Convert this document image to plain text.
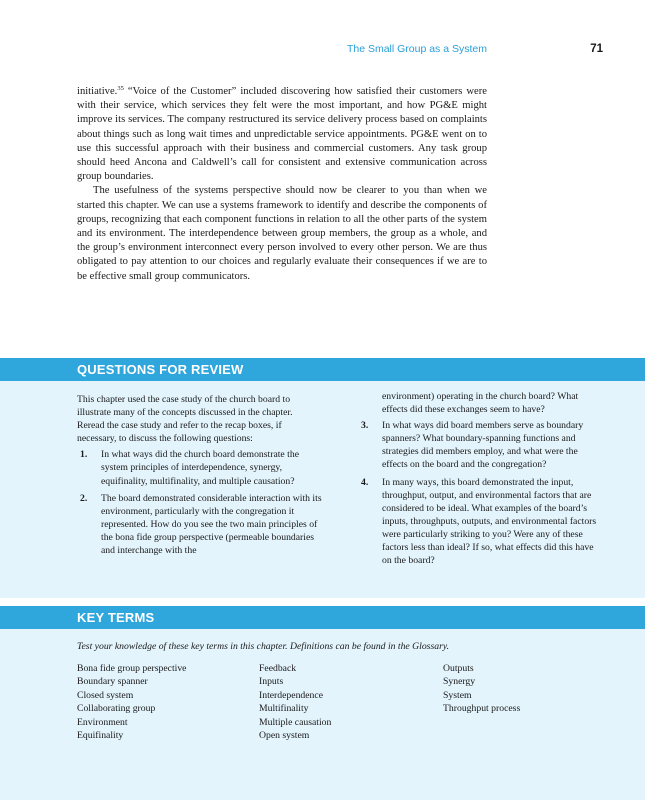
The Small Group as a System	71

initiative.$^{35}$ “Voice of the Customer” included discovering how satisfied their customers were with their service, which services they felt were the most important, and how PG&E might improve its services. The company restructured its service delivery process based on complaints about things such as long wait times and unpredictable service appointments. PG&E went on to use this successful approach with their business and commercial customers. Any task group should heed Ancona and Caldwell’s call for consistent and extensive communication across group boundaries.

The usefulness of the systems perspective should now be clearer to you than when we started this chapter. We can use a systems framework to identify and describe the components of groups, recognizing that each component functions in relation to all the other parts of the system and its environment. The interdependence between group members, the group as a whole, and the group’s environment interconnect every person involved to every other person. We are thus obligated to pay attention to our choices and regularly evaluate their consequences if we are to be effective small group communicators.

QUESTIONS FOR REVIEW

This chapter used the case study of the church board to illustrate many of the concepts discussed in the chapter. Reread the case study and refer to the recap boxes, if necessary, to discuss the following questions:

1. In what ways did the church board demonstrate the system principles of interdependence, synergy, equifinality, multifinality, and multiple causation?
2. The board demonstrated considerable interaction with its environment, particularly with the congregation it represented. How do you see the two main principles of the bona fide group perspective (permeable boundaries and interchange with the

environment) operating in the church board? What effects did these exchanges seem to have?

3. In what ways did board members serve as boundary spanners? What boundary-spanning functions and strategies did members employ, and what were the effects on the board and the congregation?
4. In many ways, this board demonstrated the input, throughput, output, and environmental factors that are considered to be ideal. What examples of the board’s inputs, throughputs, outputs, and environmental factors were particularly striking to you? Were any of these factors less than ideal? If so, what effects did this have on the board?
KEY TERMS
Test your knowledge of these key terms in this chapter. Definitions can be found in the Glossary.
Bona fide group perspective
Boundary spanner
Closed system
Collaborating group
Environment
Equifinality
Feedback
Inputs
Interdependence
Multifinality
Multiple causation
Open system
Outputs
Synergy
System
Throughput process
